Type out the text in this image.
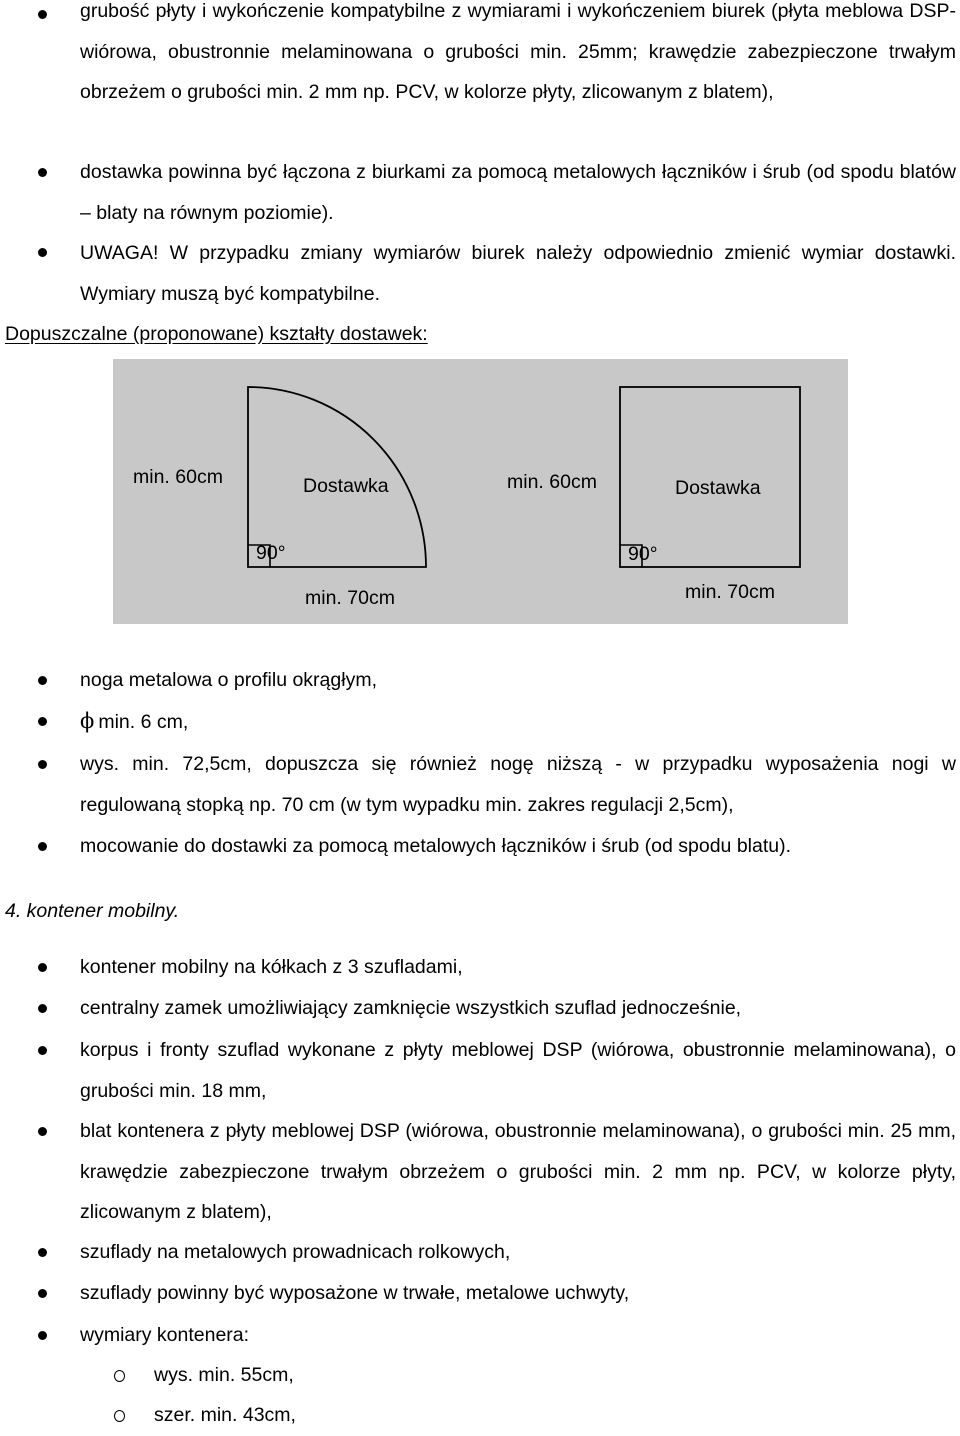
grubość płyty i wykończenie kompatybilne z wymiarami i wykończeniem biurek (płyta meblowa DSP- wiórowa, obustronnie melaminowana o grubości min. 25mm; krawędzie zabezpieczone trwałym obrzeżem o grubości min. 2 mm np. PCV, w kolorze płyty, zlicowanym z blatem),
dostawka powinna być łączona z biurkami za pomocą metalowych łączników i śrub (od spodu blatów – blaty na równym poziomie).
UWAGA! W przypadku zmiany wymiarów biurek należy odpowiednio zmienić wymiar dostawki. Wymiary muszą być kompatybilne.
Dopuszczalne (proponowane) kształty dostawek:
min. 60cm	Dostawka
90°
min. 70cm
min. 60cm	Dostawka
90°
min. 70cm
noga metalowa o profilu okrągłym,
ϕ min. 6 cm,
wys. min. 72,5cm, dopuszcza się również nogę niższą - w przypadku wyposażenia nogi w regulowaną stopką np. 70 cm (w tym wypadku min. zakres regulacji 2,5cm),
mocowanie do dostawki za pomocą metalowych łączników i śrub (od spodu blatu).
4. kontener mobilny.
kontener mobilny na kółkach z 3 szufladami,
centralny zamek umożliwiający zamknięcie wszystkich szuflad jednocześnie,
korpus i fronty szuflad wykonane z płyty meblowej DSP (wiórowa, obustronnie melaminowana), o grubości min. 18 mm,
blat kontenera z płyty meblowej DSP (wiórowa, obustronnie melaminowana), o grubości min. 25 mm, krawędzie zabezpieczone trwałym obrzeżem o grubości min. 2 mm np. PCV, w kolorze płyty, zlicowanym z blatem),
szuflady na metalowych prowadnicach rolkowych,
szuflady powinny być wyposażone w trwałe, metalowe uchwyty,
wymiary kontenera:
wys. min. 55cm,
szer. min. 43cm,
